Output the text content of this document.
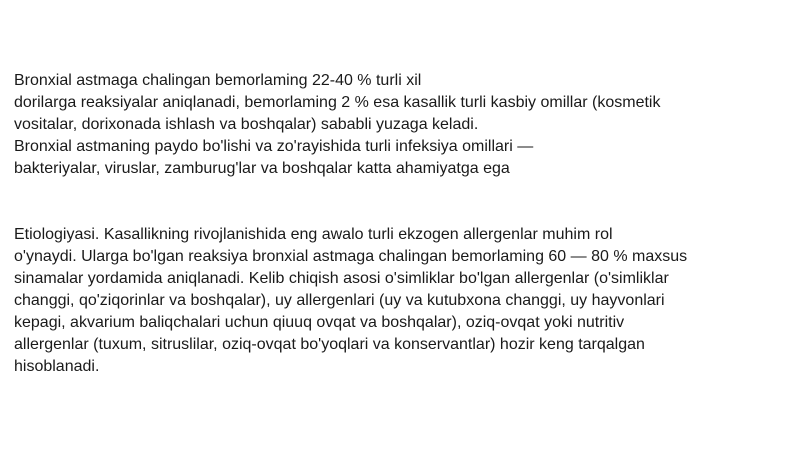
Bronxial astmaga chalingan bemorlaming 22-40 % turli xil
dorilarga reaksiyalar aniqlanadi, bemorlaming 2 % esa kasallik turli kasbiy omillar (kosmetik
vositalar, dorixonada ishlash va boshqalar) sababli yuzaga keladi.
Bronxial astmaning paydo bo'lishi va zo'rayishida turli infeksiya omillari —
bakteriyalar, viruslar, zamburug'lar va boshqalar katta ahamiyatga ega
Etiologiyasi. Kasallikning rivojlanishida eng awalo turli ekzogen allergenlar muhim rol
o'ynaydi. Ularga bo'lgan reaksiya bronxial astmaga chalingan bemorlaming 60 — 80 % maxsus
sinamalar yordamida aniqlanadi. Kelib chiqish asosi o'simliklar bo'lgan allergenlar (o'simliklar
changgi, qo'ziqorinlar va boshqalar), uy allergenlari (uy va kutubxona changgi, uy hayvonlari
kepagi, akvarium baliqchalari uchun qiuuq ovqat va boshqalar), oziq-ovqat yoki nutritiv
allergenlar (tuxum, sitruslilar, oziq-ovqat bo'yoqlari va konservantlar) hozir keng tarqalgan
hisoblanadi.
